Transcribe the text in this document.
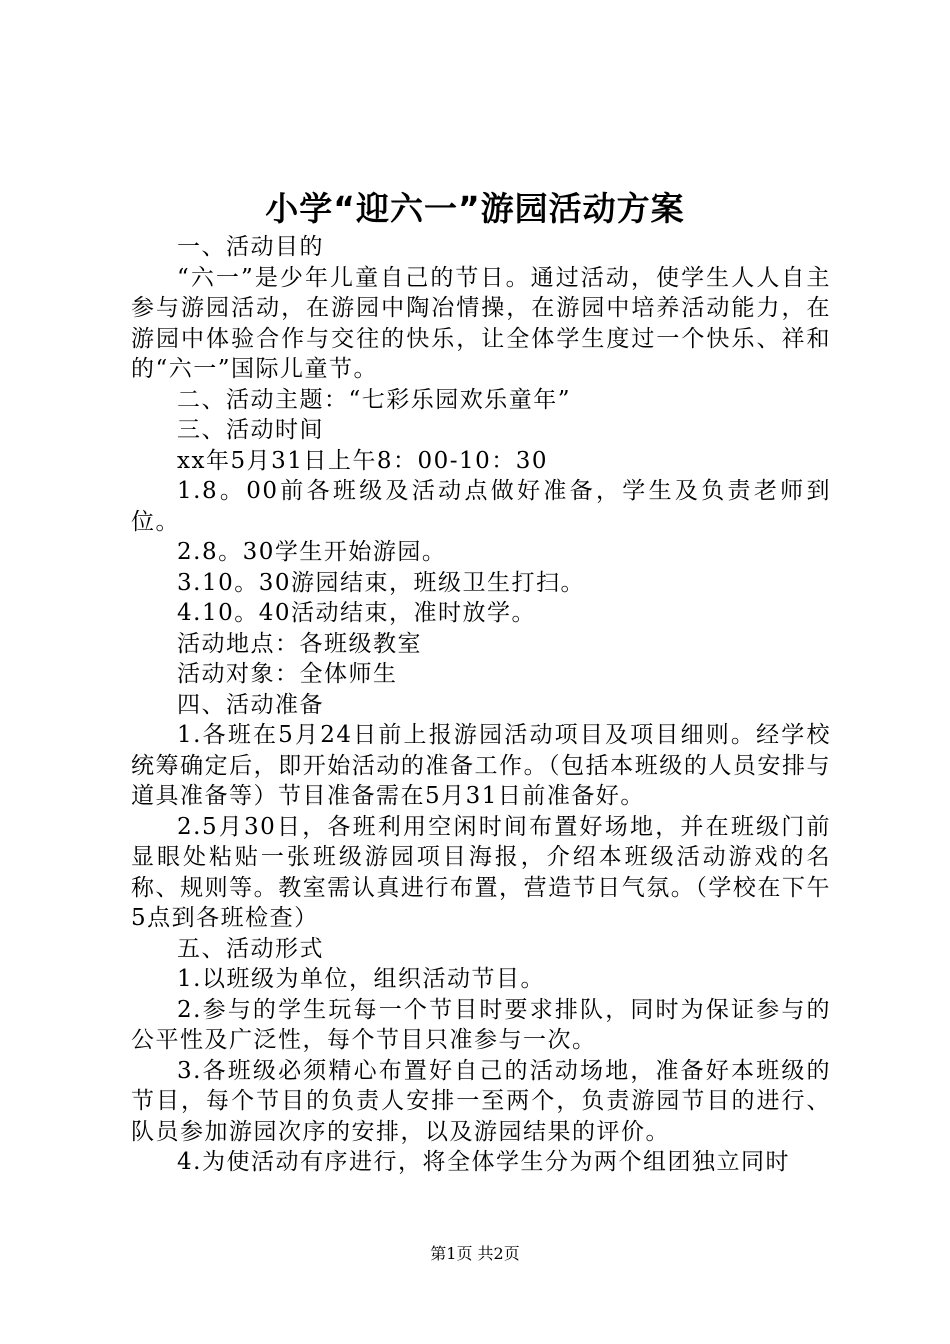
小学“迎六一”游园活动方案

一、活动目的

“六一”是少年儿童自己的节日。通过活动，使学生人人自主参与游园活动，在游园中陶冶情操，在游园中培养活动能力，在游园中体验合作与交往的快乐，让全体学生度过一个快乐、祥和的“六一”国际儿童节。

二、活动主题：“七彩乐园欢乐童年”

三、活动时间

xx年5月31日上午8：00-10：30

1.8。00前各班级及活动点做好准备，学生及负责老师到位。

2.8。30学生开始游园。

3.10。30游园结束，班级卫生打扫。

4.10。40活动结束，准时放学。

活动地点：各班级教室

活动对象：全体师生

四、活动准备

1.各班在5月24日前上报游园活动项目及项目细则。经学校统筹确定后，即开始活动的准备工作。（包括本班级的人员安排与道具准备等）节目准备需在5月31日前准备好。

2.5月30日，各班利用空闲时间布置好场地，并在班级门前显眼处粘贴一张班级游园项目海报，介绍本班级活动游戏的名称、规则等。教室需认真进行布置，营造节日气氛。（学校在下午5点到各班检查）

五、活动形式

1.以班级为单位，组织活动节目。

2.参与的学生玩每一个节目时要求排队，同时为保证参与的公平性及广泛性，每个节目只准参与一次。

3.各班级必须精心布置好自己的活动场地，准备好本班级的节目，每个节目的负责人安排一至两个，负责游园节目的进行、队员参加游园次序的安排，以及游园结果的评价。

4.为使活动有序进行，将全体学生分为两个组团独立同时

第1页 共2页
